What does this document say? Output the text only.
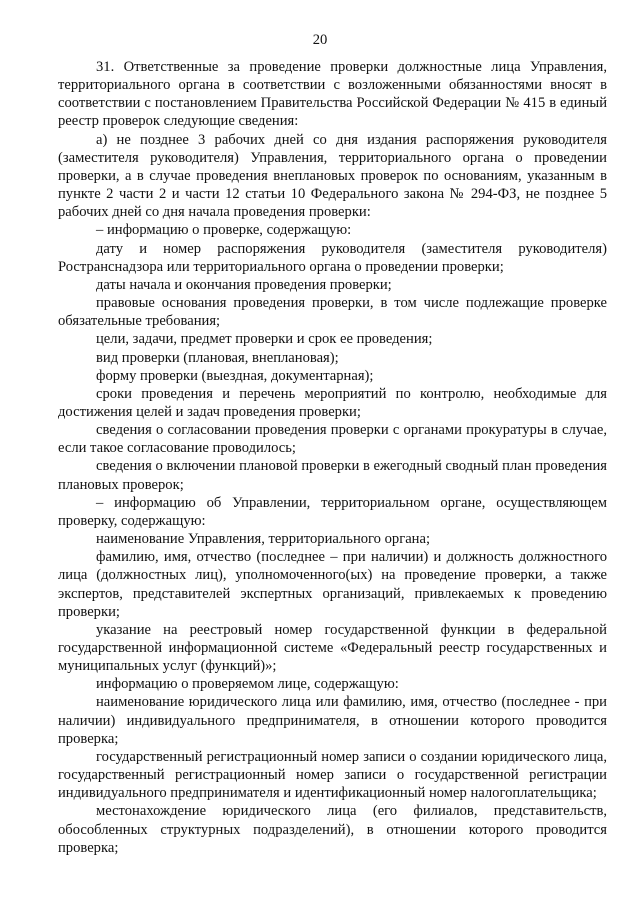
20

31. Ответственные за проведение проверки должностные лица Управления, территориального органа в соответствии с возложенными обязанностями вносят в соответствии с постановлением Правительства Российской Федерации № 415 в единый реестр проверок следующие сведения:

а) не позднее 3 рабочих дней со дня издания распоряжения руководителя (заместителя руководителя) Управления, территориального органа о проведении проверки, а в случае проведения внеплановых проверок по основаниям, указанным в пункте 2 части 2 и части 12 статьи 10 Федерального закона № 294-ФЗ, не позднее 5 рабочих дней со дня начала проведения проверки:

– информацию о проверке, содержащую:

дату и номер распоряжения руководителя (заместителя руководителя) Ространснадзора или территориального органа о проведении проверки;

даты начала и окончания проведения проверки;

правовые основания проведения проверки, в том числе подлежащие проверке обязательные требования;

цели, задачи, предмет проверки и срок ее проведения;

вид проверки (плановая, внеплановая);

форму проверки (выездная, документарная);

сроки проведения и перечень мероприятий по контролю, необходимые для достижения целей и задач проведения проверки;

сведения о согласовании проведения проверки с органами прокуратуры в случае, если такое согласование проводилось;

сведения о включении плановой проверки в ежегодный сводный план проведения плановых проверок;

– информацию об Управлении, территориальном органе, осуществляющем проверку, содержащую:

наименование Управления, территориального органа;

фамилию, имя, отчество (последнее – при наличии) и должность должностного лица (должностных лиц), уполномоченного(ых) на проведение проверки, а также экспертов, представителей экспертных организаций, привлекаемых к проведению проверки;

указание на реестровый номер государственной функции в федеральной государственной информационной системе «Федеральный реестр государственных и муниципальных услуг (функций)»;

информацию о проверяемом лице, содержащую:

наименование юридического лица или фамилию, имя, отчество (последнее - при наличии) индивидуального предпринимателя, в отношении которого проводится проверка;

государственный регистрационный номер записи о создании юридического лица, государственный регистрационный номер записи о государственной регистрации индивидуального предпринимателя и идентификационный номер налогоплательщика;

местонахождение юридического лица (его филиалов, представительств, обособленных структурных подразделений), в отношении которого проводится проверка;
